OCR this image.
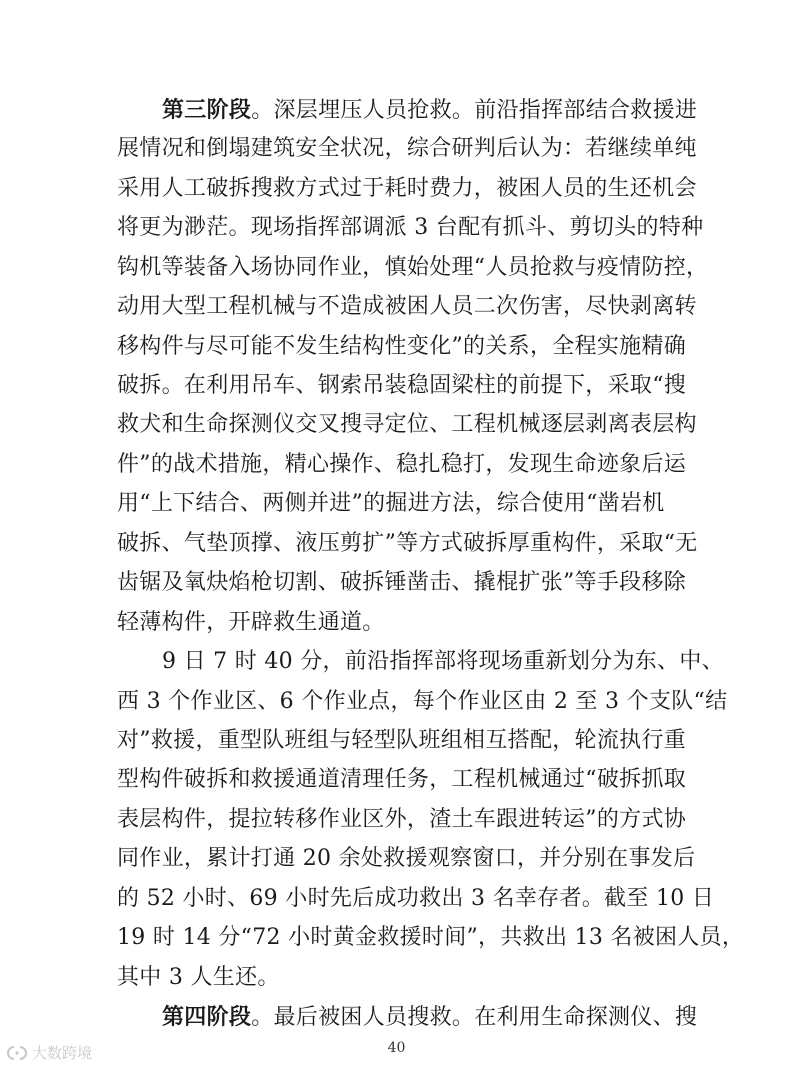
第三阶段。深层埋压人员抢救。前沿指挥部结合救援进
展情况和倒塌建筑安全状况，综合研判后认为：若继续单纯
采用人工破拆搜救方式过于耗时费力，被困人员的生还机会
将更为渺茫。现场指挥部调派 3 台配有抓斗、剪切头的特种
钩机等装备入场协同作业，慎始处理“人员抢救与疫情防控，
动用大型工程机械与不造成被困人员二次伤害，尽快剥离转
移构件与尽可能不发生结构性变化”的关系，全程实施精确
破拆。在利用吊车、钢索吊装稳固梁柱的前提下，采取“搜
救犬和生命探测仪交叉搜寻定位、工程机械逐层剥离表层构
件”的战术措施，精心操作、稳扎稳打，发现生命迹象后运
用“上下结合、两侧并进”的掘进方法，综合使用“凿岩机
破拆、气垫顶撑、液压剪扩”等方式破拆厚重构件，采取“无
齿锯及氧炔焰枪切割、破拆锤凿击、撬棍扩张”等手段移除
轻薄构件，开辟救生通道。
9 日 7 时 40 分，前沿指挥部将现场重新划分为东、中、
西 3 个作业区、6 个作业点，每个作业区由 2 至 3 个支队“结
对”救援，重型队班组与轻型队班组相互搭配，轮流执行重
型构件破拆和救援通道清理任务，工程机械通过“破拆抓取
表层构件，提拉转移作业区外，渣土车跟进转运”的方式协
40
大数跨境
同作业，累计打通 20 余处救援观察窗口，并分别在事发后
的 52 小时、69 小时先后成功救出 3 名幸存者。截至 10 日
19 时 14 分“72 小时黄金救援时间”，共救出 13 名被困人员，
其中 3 人生还。
第四阶段。最后被困人员搜救。在利用生命探测仪、搜
